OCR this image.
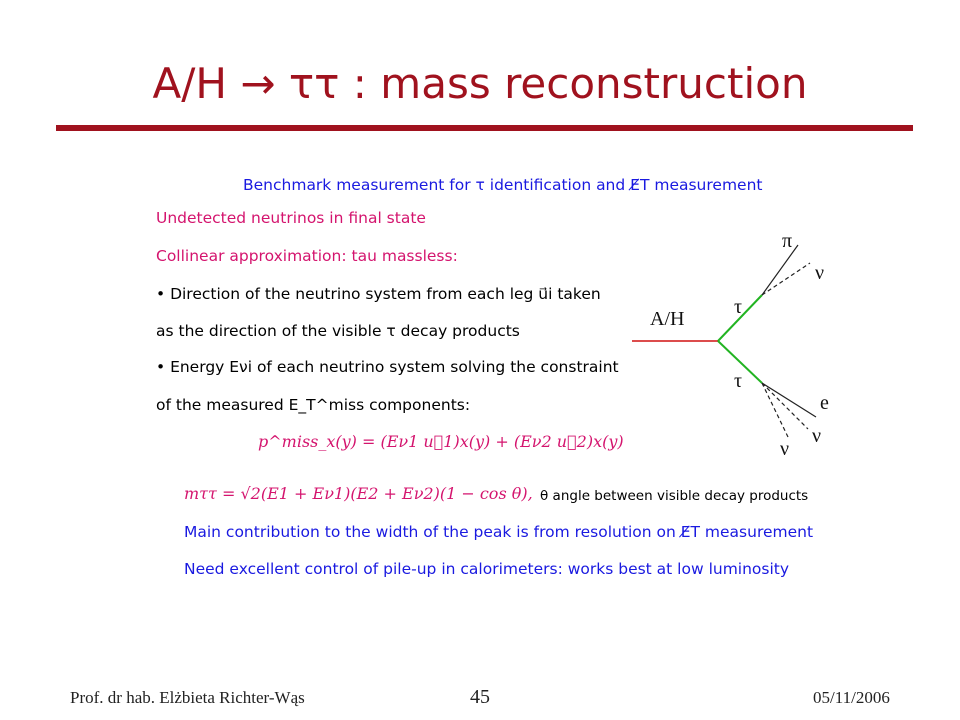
A/H → ττ : mass reconstruction
Benchmark measurement for τ identification and E̸T measurement
Undetected neutrinos in final state
Collinear approximation: tau massless:
• Direction of the neutrino system from each leg u⃗i taken
as the direction of the visible τ decay products
• Energy Eνi of each neutrino system solving the constraint
of the measured E_T^miss components:
p^miss_x(y) = (Eν1 u⃗1)x(y) + (Eν2 u⃗2)x(y)
mττ = √2(E1 + Eν1)(E2 + Eν2)(1 − cos θ), θ angle between visible decay products
Main contribution to the width of the peak is from resolution on E̸T measurement
Need excellent control of pile-up in calorimeters: works best at low luminosity
A/H
τ
τ
π
ν
e
ν
ν
Prof. dr hab. Elżbieta Richter-Wąs	45	05/11/2006
